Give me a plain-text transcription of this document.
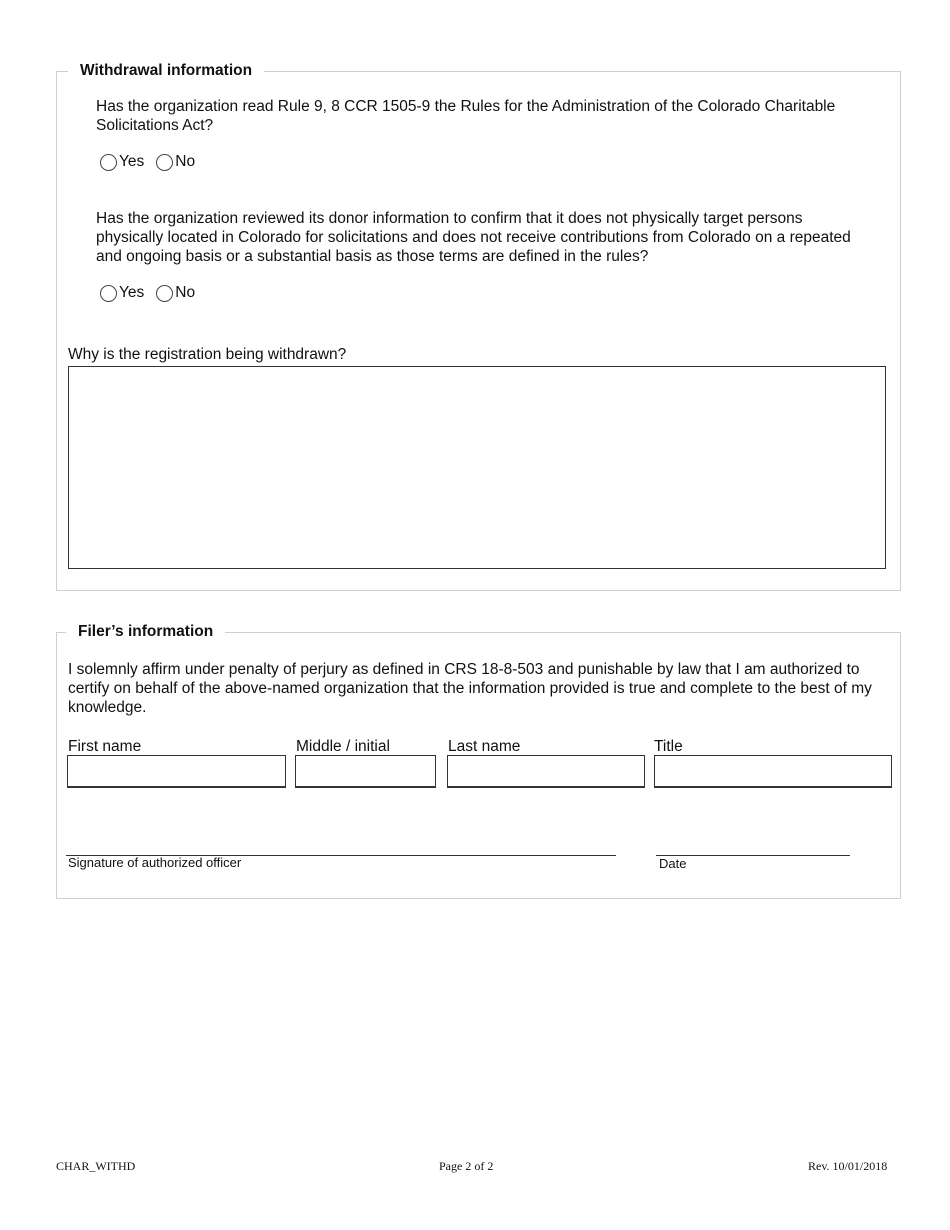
Withdrawal information
Has the organization read Rule 9, 8 CCR 1505-9 the Rules for the Administration of the Colorado Charitable Solicitations Act?
Yes No
Has the organization reviewed its donor information to confirm that it does not physically target persons physically located in Colorado for solicitations and does not receive contributions from Colorado on a repeated and ongoing basis or a substantial basis as those terms are defined in the rules?
Yes No
Why is the registration being withdrawn?
Filer’s information
I solemnly affirm under penalty of perjury as defined in CRS 18-8-503 and punishable by law that I am authorized to certify on behalf of the above-named organization that the information provided is true and complete to the best of my knowledge.
First name	Middle / initial	Last name	Title
Signature of authorized officer	Date
CHAR_WITHD	Page 2 of 2	Rev. 10/01/2018
